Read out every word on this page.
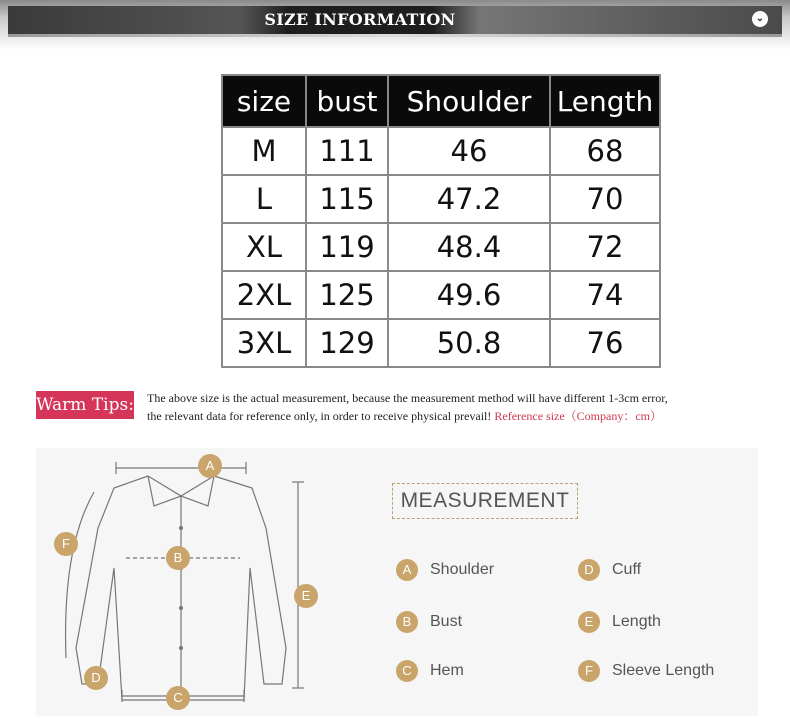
SIZE INFORMATION	⌄
size	bust	Shoulder	Length
M	111	46	68
L	115	47.2	70
XL	119	48.4	72
2XL	125	49.6	74
3XL	129	50.8	76
Warm Tips: The above size is the actual measurement, because the measurement method will have different 1-3cm error,
the relevant data for reference only, in order to receive physical prevail! Reference size（Company：cm）
A
B
C
D
E
F
MEASUREMENT
A	Shoulder
B	Bust
C	Hem
D	Cuff
E	Length
F	Sleeve Length
